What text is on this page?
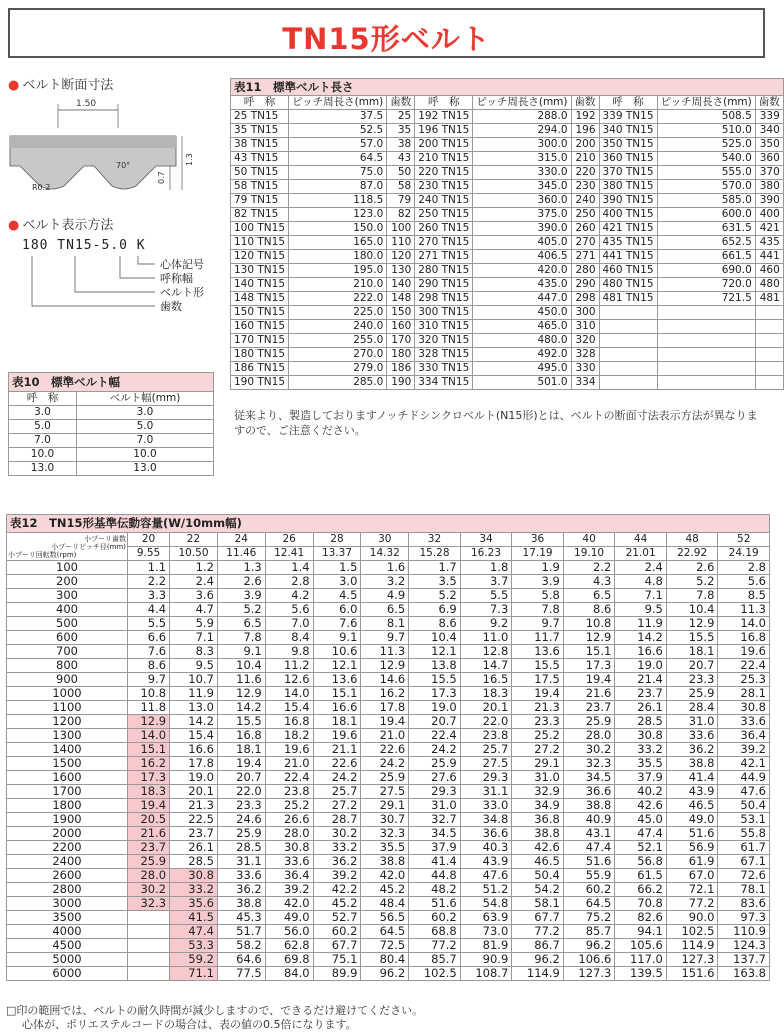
TN15形ベルト
● ベルト断面寸法
1.50
70°
R0.2
0.7
1.3
● ベルト表示方法
180 TN15-5.0 K
心体記号
呼称幅
ベルト形
歯数
表10　標準ベルト幅	
呼　称	ベルト幅(mm)
3.0	3.0
5.0	5.0
7.0	7.0
10.0	10.0
13.0	13.0
表11　標準ベルト長さ								
呼　称	ピッチ周長さ(mm)	歯数	呼　称	ピッチ周長さ(mm)	歯数	呼　称	ピッチ周長さ(mm)	歯数
25 TN15	37.5	25	192 TN15	288.0	192	339 TN15	508.5	339
35 TN15	52.5	35	196 TN15	294.0	196	340 TN15	510.0	340
38 TN15	57.0	38	200 TN15	300.0	200	350 TN15	525.0	350
43 TN15	64.5	43	210 TN15	315.0	210	360 TN15	540.0	360
50 TN15	75.0	50	220 TN15	330.0	220	370 TN15	555.0	370
58 TN15	87.0	58	230 TN15	345.0	230	380 TN15	570.0	380
79 TN15	118.5	79	240 TN15	360.0	240	390 TN15	585.0	390
82 TN15	123.0	82	250 TN15	375.0	250	400 TN15	600.0	400
100 TN15	150.0	100	260 TN15	390.0	260	421 TN15	631.5	421
110 TN15	165.0	110	270 TN15	405.0	270	435 TN15	652.5	435
120 TN15	180.0	120	271 TN15	406.5	271	441 TN15	661.5	441
130 TN15	195.0	130	280 TN15	420.0	280	460 TN15	690.0	460
140 TN15	210.0	140	290 TN15	435.0	290	480 TN15	720.0	480
148 TN15	222.0	148	298 TN15	447.0	298	481 TN15	721.5	481
150 TN15	225.0	150	300 TN15	450.0	300			
160 TN15	240.0	160	310 TN15	465.0	310			
170 TN15	255.0	170	320 TN15	480.0	320			
180 TN15	270.0	180	328 TN15	492.0	328			
186 TN15	279.0	186	330 TN15	495.0	330			
190 TN15	285.0	190	334 TN15	501.0	334			
従来より、製造しておりますノッチドシンクロベルト(N15形)とは、ベルトの断面寸法表示方法が異なりますので、ご注意ください。
表12　TN15形基準伝動容量(W/10mm幅)													

小プーリ歯数
小プーリピッチ径(mm)
小プーリ回転数(rpm)	20	22	24	26	28	30	32	34	36	40	44	48	52
	9.55	10.50	11.46	12.41	13.37	14.32	15.28	16.23	17.19	19.10	21.01	22.92	24.19
100	1.1	1.2	1.3	1.4	1.5	1.6	1.7	1.8	1.9	2.2	2.4	2.6	2.8
200	2.2	2.4	2.6	2.8	3.0	3.2	3.5	3.7	3.9	4.3	4.8	5.2	5.6
300	3.3	3.6	3.9	4.2	4.5	4.9	5.2	5.5	5.8	6.5	7.1	7.8	8.5
400	4.4	4.7	5.2	5.6	6.0	6.5	6.9	7.3	7.8	8.6	9.5	10.4	11.3
500	5.5	5.9	6.5	7.0	7.6	8.1	8.6	9.2	9.7	10.8	11.9	12.9	14.0
600	6.6	7.1	7.8	8.4	9.1	9.7	10.4	11.0	11.7	12.9	14.2	15.5	16.8
700	7.6	8.3	9.1	9.8	10.6	11.3	12.1	12.8	13.6	15.1	16.6	18.1	19.6
800	8.6	9.5	10.4	11.2	12.1	12.9	13.8	14.7	15.5	17.3	19.0	20.7	22.4
900	9.7	10.7	11.6	12.6	13.6	14.6	15.5	16.5	17.5	19.4	21.4	23.3	25.3
1000	10.8	11.9	12.9	14.0	15.1	16.2	17.3	18.3	19.4	21.6	23.7	25.9	28.1
1100	11.8	13.0	14.2	15.4	16.6	17.8	19.0	20.1	21.3	23.7	26.1	28.4	30.8
1200	12.9	14.2	15.5	16.8	18.1	19.4	20.7	22.0	23.3	25.9	28.5	31.0	33.6
1300	14.0	15.4	16.8	18.2	19.6	21.0	22.4	23.8	25.2	28.0	30.8	33.6	36.4
1400	15.1	16.6	18.1	19.6	21.1	22.6	24.2	25.7	27.2	30.2	33.2	36.2	39.2
1500	16.2	17.8	19.4	21.0	22.6	24.2	25.9	27.5	29.1	32.3	35.5	38.8	42.1
1600	17.3	19.0	20.7	22.4	24.2	25.9	27.6	29.3	31.0	34.5	37.9	41.4	44.9
1700	18.3	20.1	22.0	23.8	25.7	27.5	29.3	31.1	32.9	36.6	40.2	43.9	47.6
1800	19.4	21.3	23.3	25.2	27.2	29.1	31.0	33.0	34.9	38.8	42.6	46.5	50.4
1900	20.5	22.5	24.6	26.6	28.7	30.7	32.7	34.8	36.8	40.9	45.0	49.0	53.1
2000	21.6	23.7	25.9	28.0	30.2	32.3	34.5	36.6	38.8	43.1	47.4	51.6	55.8
2200	23.7	26.1	28.5	30.8	33.2	35.5	37.9	40.3	42.6	47.4	52.1	56.9	61.7
2400	25.9	28.5	31.1	33.6	36.2	38.8	41.4	43.9	46.5	51.6	56.8	61.9	67.1
2600	28.0	30.8	33.6	36.4	39.2	42.0	44.8	47.6	50.4	55.9	61.5	67.0	72.6
2800	30.2	33.2	36.2	39.2	42.2	45.2	48.2	51.2	54.2	60.2	66.2	72.1	78.1
3000	32.3	35.6	38.8	42.0	45.2	48.4	51.6	54.8	58.1	64.5	70.8	77.2	83.6
3500		41.5	45.3	49.0	52.7	56.5	60.2	63.9	67.7	75.2	82.6	90.0	97.3
4000		47.4	51.7	56.0	60.2	64.5	68.8	73.0	77.2	85.7	94.1	102.5	110.9
4500		53.3	58.2	62.8	67.7	72.5	77.2	81.9	86.7	96.2	105.6	114.9	124.3
5000		59.2	64.6	69.8	75.1	80.4	85.7	90.9	96.2	106.6	117.0	127.3	137.7
6000		71.1	77.5	84.0	89.9	96.2	102.5	108.7	114.9	127.3	139.5	151.6	163.8
□印の範囲では、ベルトの耐久時間が減少しますので、できるだけ避けてください。
心体が、ポリエステルコードの場合は、表の値の0.5倍になります。
